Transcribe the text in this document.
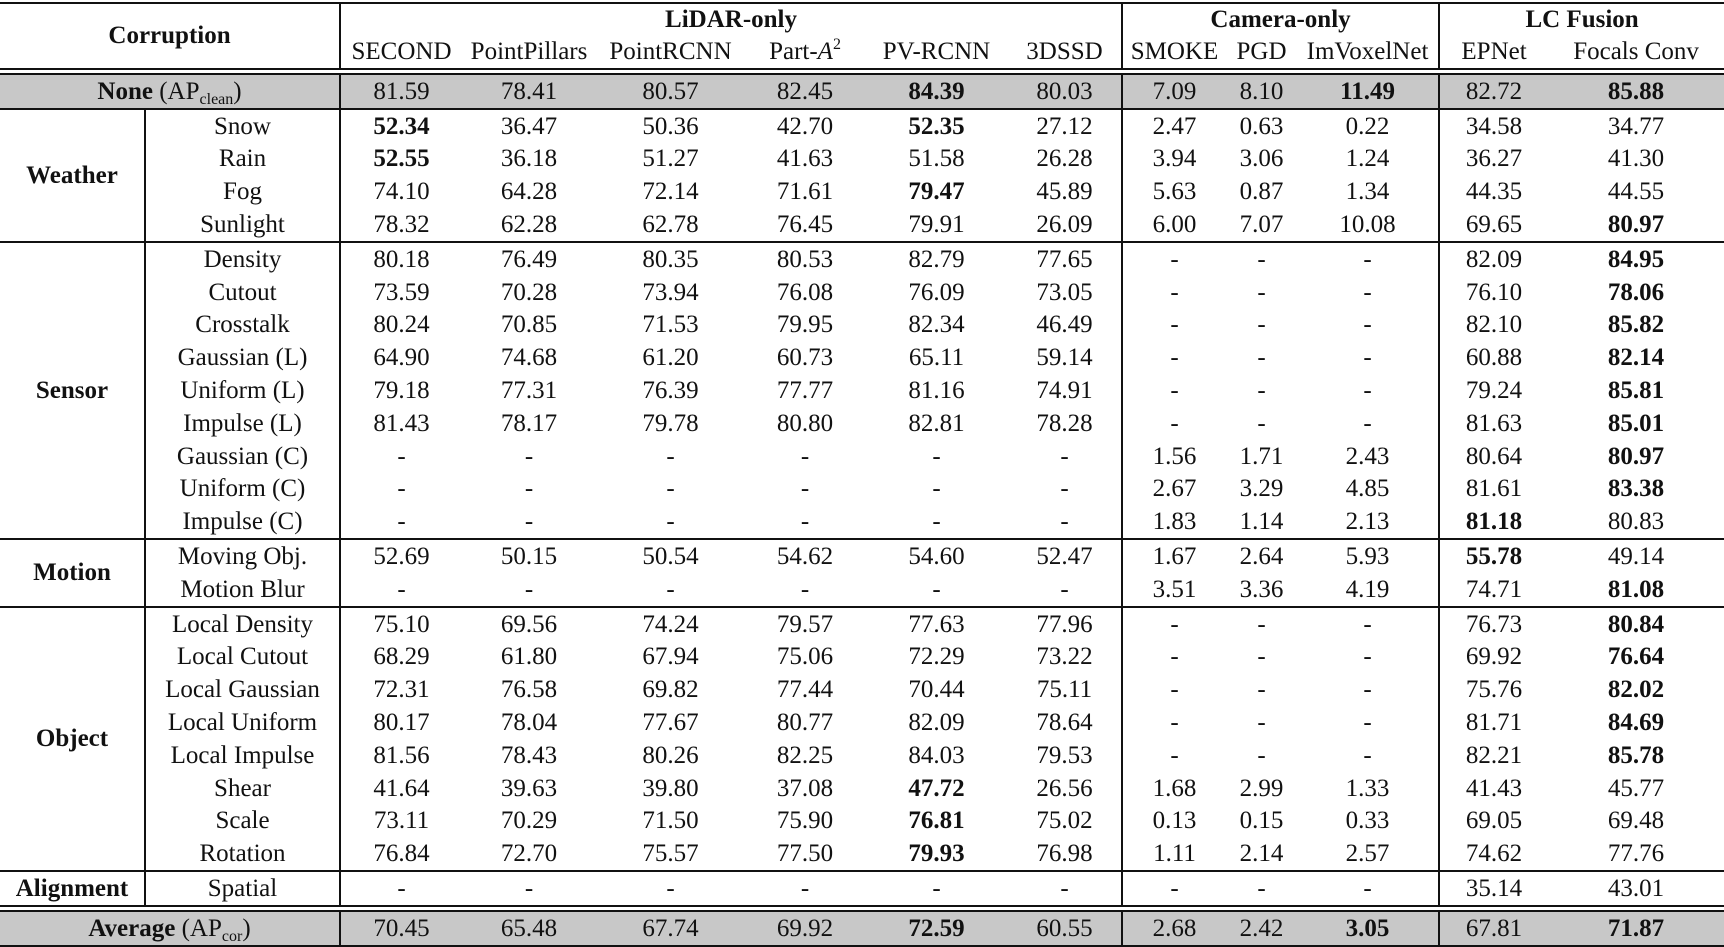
Corruption		LiDAR-only						Camera-only			LC Fusion	
		SECOND	PointPillars	PointRCNN	Part-$A^2$	PV-RCNN	3DSSD	SMOKE	PGD	ImVoxelNet	EPNet	Focals Conv

None $(AP_{clean})$		81.59	78.41	80.57	82.45	84.39	80.03	7.09	8.10	11.49	82.72	85.88
Weather	Snow	52.34	36.47	50.36	42.70	52.35	27.12	2.47	0.63	0.22	34.58	34.77
	Rain	52.55	36.18	51.27	41.63	51.58	26.28	3.94	3.06	1.24	36.27	41.30
	Fog	74.10	64.28	72.14	71.61	79.47	45.89	5.63	0.87	1.34	44.35	44.55
	Sunlight	78.32	62.28	62.78	76.45	79.91	26.09	6.00	7.07	10.08	69.65	80.97
Sensor	Density	80.18	76.49	80.35	80.53	82.79	77.65	-	-	-	82.09	84.95
	Cutout	73.59	70.28	73.94	76.08	76.09	73.05	-	-	-	76.10	78.06
	Crosstalk	80.24	70.85	71.53	79.95	82.34	46.49	-	-	-	82.10	85.82
	Gaussian (L)	64.90	74.68	61.20	60.73	65.11	59.14	-	-	-	60.88	82.14
	Uniform (L)	79.18	77.31	76.39	77.77	81.16	74.91	-	-	-	79.24	85.81
	Impulse (L)	81.43	78.17	79.78	80.80	82.81	78.28	-	-	-	81.63	85.01
	Gaussian (C)	-	-	-	-	-	-	1.56	1.71	2.43	80.64	80.97
	Uniform (C)	-	-	-	-	-	-	2.67	3.29	4.85	81.61	83.38
	Impulse (C)	-	-	-	-	-	-	1.83	1.14	2.13	81.18	80.83
Motion	Moving Obj.	52.69	50.15	50.54	54.62	54.60	52.47	1.67	2.64	5.93	55.78	49.14
	Motion Blur	-	-	-	-	-	-	3.51	3.36	4.19	74.71	81.08
Object	Local Density	75.10	69.56	74.24	79.57	77.63	77.96	-	-	-	76.73	80.84
	Local Cutout	68.29	61.80	67.94	75.06	72.29	73.22	-	-	-	69.92	76.64
	Local Gaussian	72.31	76.58	69.82	77.44	70.44	75.11	-	-	-	75.76	82.02
	Local Uniform	80.17	78.04	77.67	80.77	82.09	78.64	-	-	-	81.71	84.69
	Local Impulse	81.56	78.43	80.26	82.25	84.03	79.53	-	-	-	82.21	85.78
	Shear	41.64	39.63	39.80	37.08	47.72	26.56	1.68	2.99	1.33	41.43	45.77
	Scale	73.11	70.29	71.50	75.90	76.81	75.02	0.13	0.15	0.33	69.05	69.48
	Rotation	76.84	72.70	75.57	77.50	79.93	76.98	1.11	2.14	2.57	74.62	77.76
Alignment	Spatial	-	-	-	-	-	-	-	-	-	35.14	43.01

Average $(AP_{cor})$		70.45	65.48	67.74	69.92	72.59	60.55	2.68	2.42	3.05	67.81	71.87
